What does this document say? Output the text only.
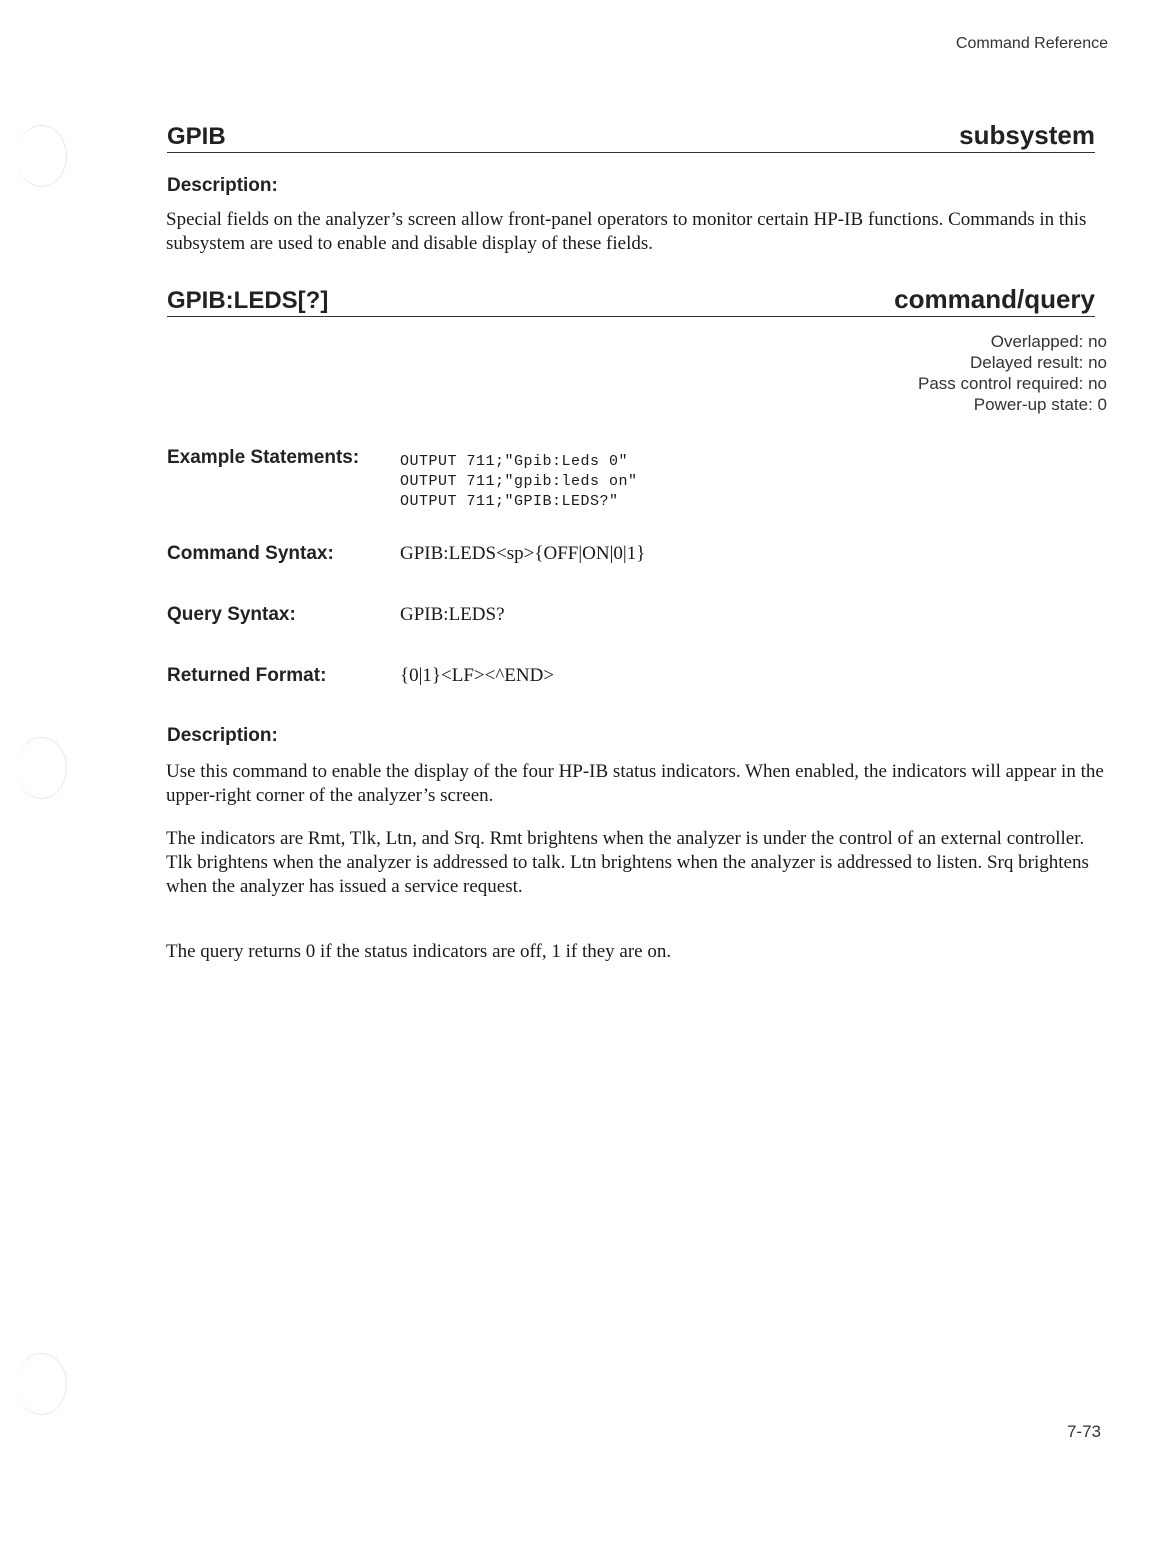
Command Reference
GPIB	subsystem
Description:
Special fields on the analyzer’s screen allow front-panel operators to monitor certain HP-IB functions. Commands in this subsystem are used to enable and disable display of these fields.
GPIB:LEDS[?]	command/query
Overlapped: no
Delayed result: no
Pass control required: no
Power-up state: 0
Example Statements:	OUTPUT 711;"Gpib:Leds 0"
OUTPUT 711;"gpib:leds on"
OUTPUT 711;"GPIB:LEDS?"
Command Syntax:	GPIB:LEDS<sp>{OFF|ON|0|1}
Query Syntax:	GPIB:LEDS?
Returned Format:	{0|1}<LF><^END>
Description:
Use this command to enable the display of the four HP-IB status indicators. When enabled, the indicators will appear in the upper-right corner of the analyzer’s screen.
The indicators are Rmt, Tlk, Ltn, and Srq. Rmt brightens when the analyzer is under the control of an external controller. Tlk brightens when the analyzer is addressed to talk. Ltn brightens when the analyzer is addressed to listen. Srq brightens when the analyzer has issued a service request.
The query returns 0 if the status indicators are off, 1 if they are on.
7-73
